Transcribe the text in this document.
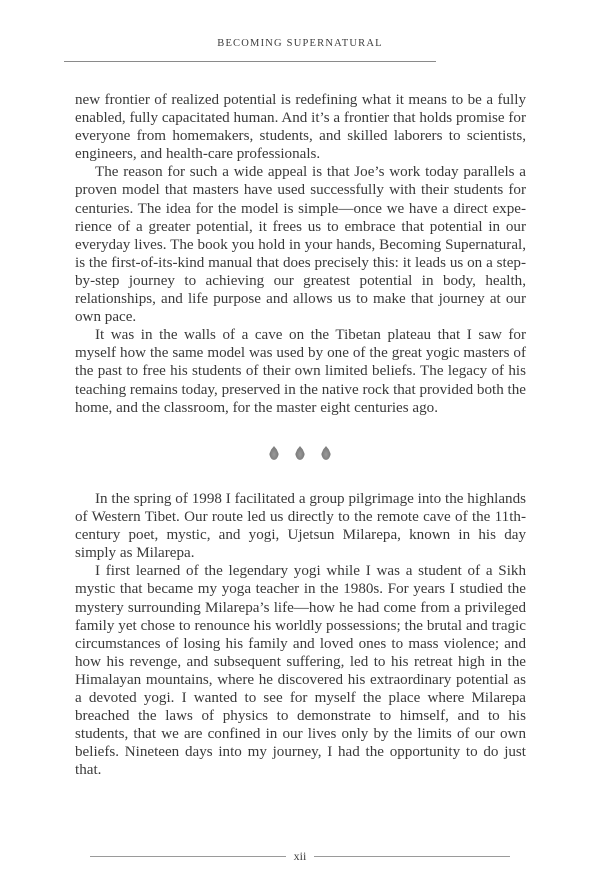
BECOMING SUPERNATURAL

new frontier of realized potential is redefining what it means to be a fully enabled, fully capacitated human. And it’s a frontier that holds promise for everyone from homemakers, students, and skilled laborers to scientists, engineers, and health-care professionals.

The reason for such a wide appeal is that Joe’s work today parallels a proven model that masters have used successfully with their students for centuries. The idea for the model is simple—once we have a direct experience of a greater potential, it frees us to embrace that potential in our everyday lives. The book you hold in your hands, Becoming Supernatural, is the first-of-its-kind manual that does precisely this: it leads us on a step-by-step journey to achieving our greatest potential in body, health, relationships, and life purpose and allows us to make that journey at our own pace.

It was in the walls of a cave on the Tibetan plateau that I saw for myself how the same model was used by one of the great yogic masters of the past to free his students of their own limited beliefs. The legacy of his teaching remains today, preserved in the native rock that provided both the home, and the classroom, for the master eight centuries ago.

In the spring of 1998 I facilitated a group pilgrimage into the highlands of Western Tibet. Our route led us directly to the remote cave of the 11th-century poet, mystic, and yogi, Ujetsun Milarepa, known in his day simply as Milarepa.

I first learned of the legendary yogi while I was a student of a Sikh mystic that became my yoga teacher in the 1980s. For years I studied the mystery surrounding Milarepa’s life—how he had come from a privileged family yet chose to renounce his worldly possessions; the brutal and tragic circumstances of losing his family and loved ones to mass violence; and how his revenge, and subsequent suffering, led to his retreat high in the Himalayan mountains, where he discovered his extraordinary potential as a devoted yogi. I wanted to see for myself the place where Milarepa breached the laws of physics to demonstrate to himself, and to his students, that we are confined in our lives only by the limits of our own beliefs. Nineteen days into my journey, I had the opportunity to do just that.

xii
